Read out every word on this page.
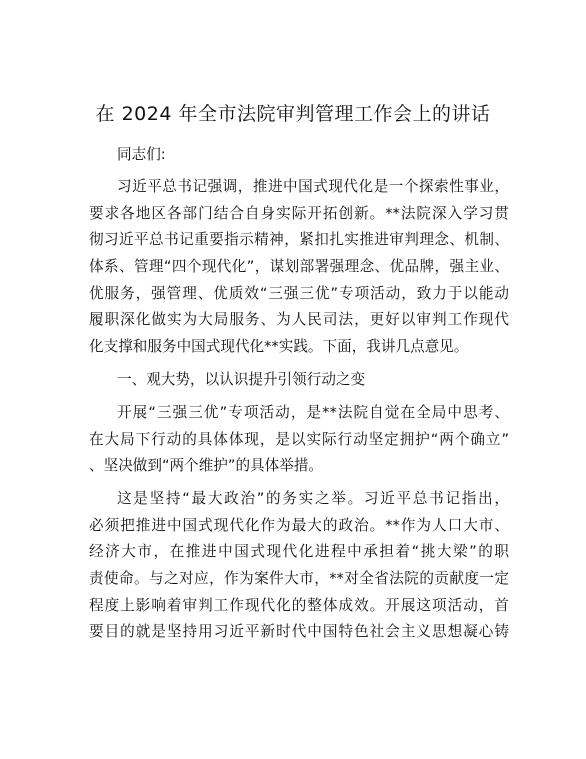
在 2024 年全市法院审判管理工作会上的讲话
同志们:
习近平总书记强调，推进中国式现代化是一个探索性事业，
要求各地区各部门结合自身实际开拓创新。**法院深入学习贯
彻习近平总书记重要指示精神，紧扣扎实推进审判理念、机制、
体系、管理“四个现代化”，谋划部署强理念、优品牌，强主业、
优服务，强管理、优质效“三强三优”专项活动，致力于以能动
履职深化做实为大局服务、为人民司法，更好以审判工作现代
化支撑和服务中国式现代化**实践。下面，我讲几点意见。
一、观大势，以认识提升引领行动之变
开展“三强三优”专项活动，是**法院自觉在全局中思考、
在大局下行动的具体体现，是以实际行动坚定拥护“两个确立”
、坚决做到“两个维护”的具体举措。
这是坚持“最大政治”的务实之举。习近平总书记指出，
必须把推进中国式现代化作为最大的政治。**作为人口大市、
经济大市，在推进中国式现代化进程中承担着“挑大梁”的职
责使命。与之对应，作为案件大市，**对全省法院的贡献度一定
程度上影响着审判工作现代化的整体成效。开展这项活动，首
要目的就是坚持用习近平新时代中国特色社会主义思想凝心铸
